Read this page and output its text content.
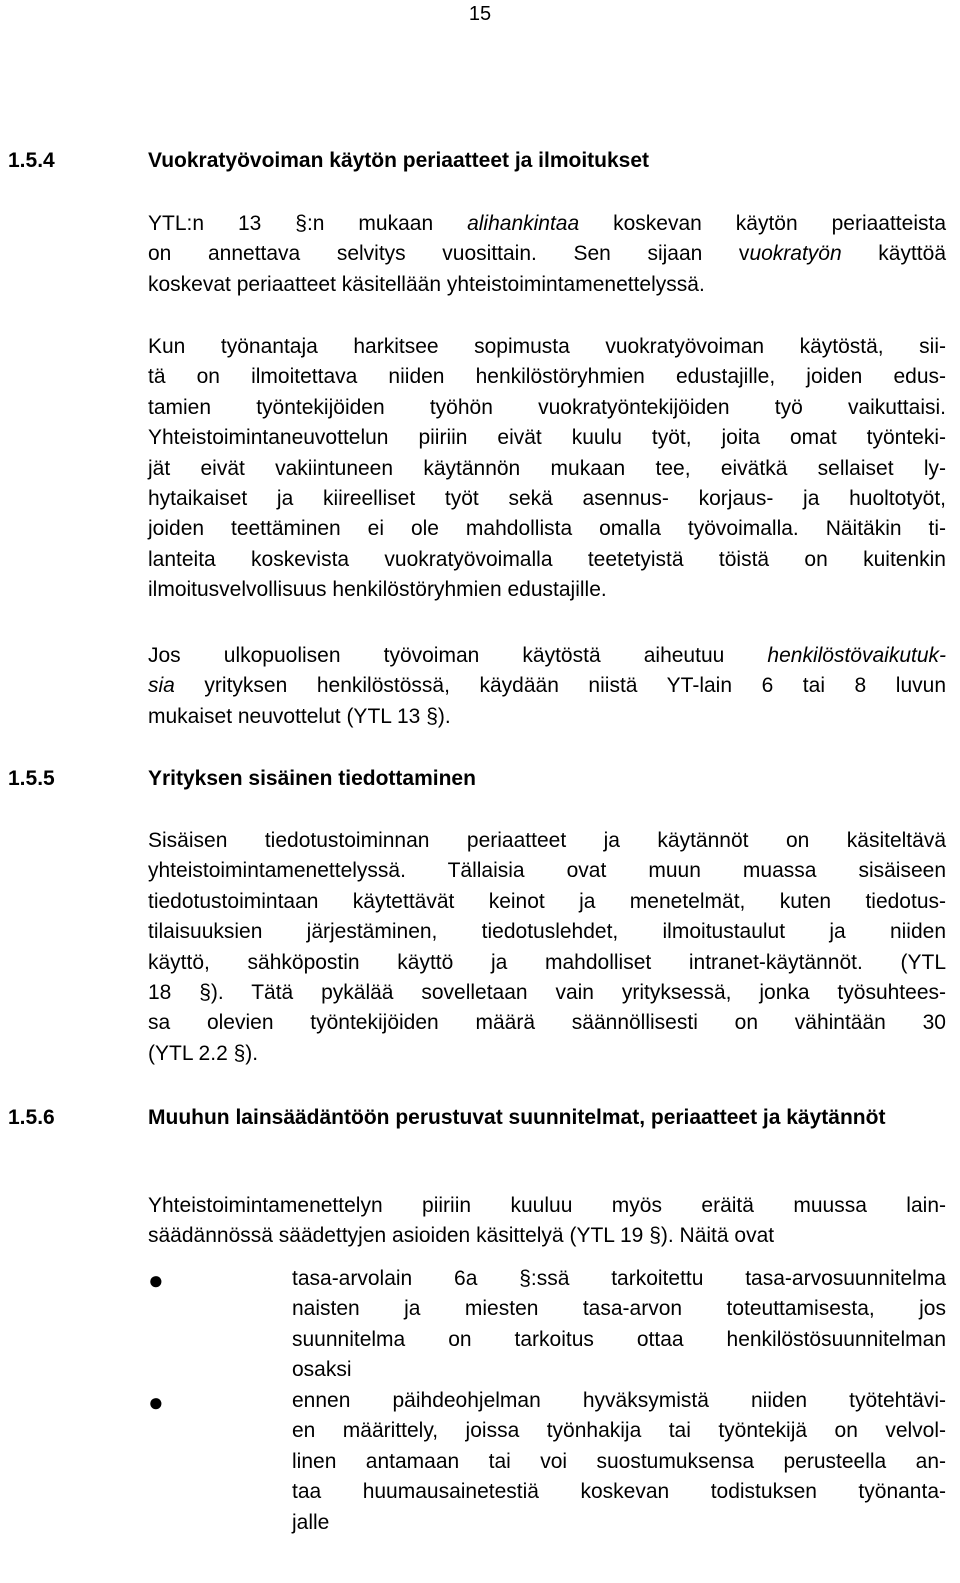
15
1.5.4	Vuokratyövoiman käytön periaatteet ja ilmoitukset
YTL:n 13 §:n mukaan alihankintaa koskevan käytön periaatteista
on annettava selvitys vuosittain. Sen sijaan vuokratyön käyttöä
koskevat periaatteet käsitellään yhteistoimintamenettelyssä.
Kun työnantaja harkitsee sopimusta vuokratyövoiman käytöstä, sii-
tä on ilmoitettava niiden henkilöstöryhmien edustajille, joiden edus-
tamien työntekijöiden työhön vuokratyöntekijöiden työ vaikuttaisi.
Yhteistoimintaneuvottelun piiriin eivät kuulu työt, joita omat työnteki-
jät eivät vakiintuneen käytännön mukaan tee, eivätkä sellaiset ly-
hytaikaiset ja kiireelliset työt sekä asennus- korjaus- ja huoltotyöt,
joiden teettäminen ei ole mahdollista omalla työvoimalla. Näitäkin ti-
lanteita koskevista vuokratyövoimalla teetetyistä töistä on kuitenkin
ilmoitusvelvollisuus henkilöstöryhmien edustajille.
Jos ulkopuolisen työvoiman käytöstä aiheutuu henkilöstövaikutuk-
sia yrityksen henkilöstössä, käydään niistä YT-lain 6 tai 8 luvun
mukaiset neuvottelut (YTL 13 §).
1.5.5	Yrityksen sisäinen tiedottaminen
Sisäisen tiedotustoiminnan periaatteet ja käytännöt on käsiteltävä
yhteistoimintamenettelyssä. Tällaisia ovat muun muassa sisäiseen
tiedotustoimintaan käytettävät keinot ja menetelmät, kuten tiedotus-
tilaisuuksien järjestäminen, tiedotuslehdet, ilmoitustaulut ja niiden
käyttö, sähköpostin käyttö ja mahdolliset intranet-käytännöt. (YTL
18 §). Tätä pykälää sovelletaan vain yrityksessä, jonka työsuhtees-
sa olevien työntekijöiden määrä säännöllisesti on vähintään 30
(YTL 2.2 §).
1.5.6	Muuhun lainsäädäntöön perustuvat suunnitelmat, periaatteet ja käytännöt
Yhteistoimintamenettelyn piiriin kuuluu myös eräitä muussa lain-
säädännössä säädettyjen asioiden käsittelyä (YTL 19 §). Näitä ovat
●	tasa-arvolain 6a §:ssä tarkoitettu tasa-arvosuunnitelma
naisten ja miesten tasa-arvon toteuttamisesta, jos
suunnitelma on tarkoitus ottaa henkilöstösuunnitelman
osaksi
●	ennen päihdeohjelman hyväksymistä niiden työtehtävi-
en määrittely, joissa työnhakija tai työntekijä on velvol-
linen antamaan tai voi suostumuksensa perusteella an-
taa huumausainetestiä koskevan todistuksen työnanta-
jalle
